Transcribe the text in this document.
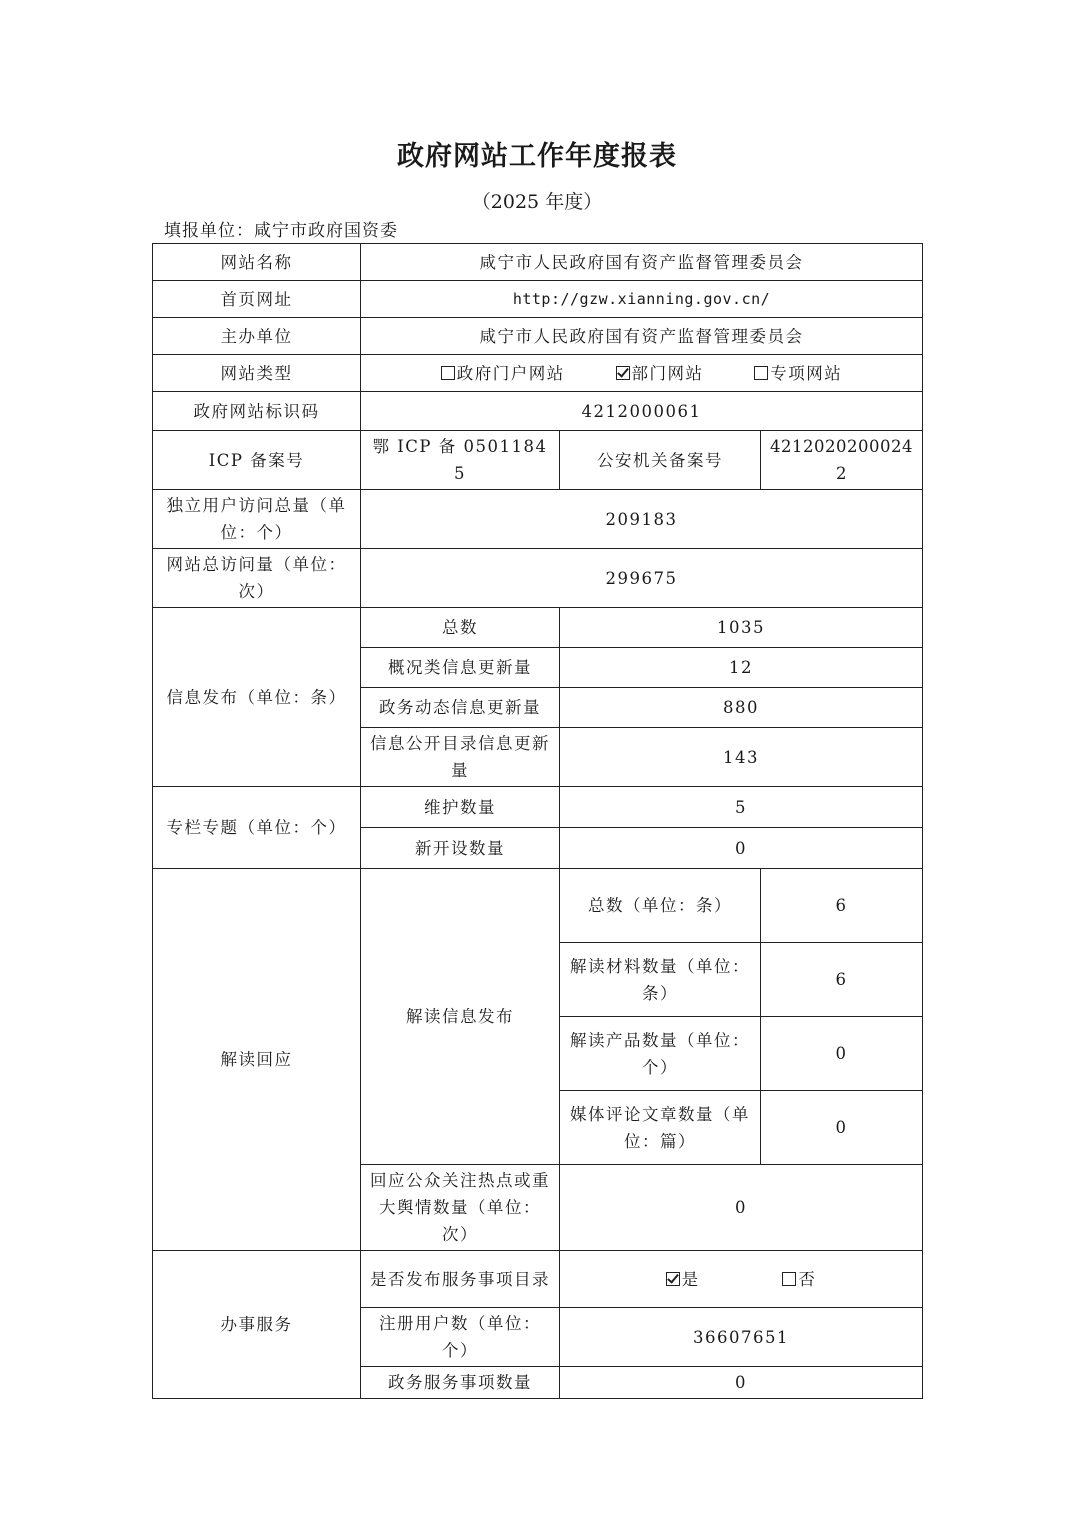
政府网站工作年度报表
（2025 年度）
填报单位：咸宁市政府国资委
网站名称	咸宁市人民政府国有资产监督管理委员会		
首页网址	http://gzw.xianning.gov.cn/		
主办单位	咸宁市人民政府国有资产监督管理委员会		
网站类型	政府门户网站 部门网站 专项网站		
政府网站标识码	4212000061		
ICP 备案号	鄂 ICP 备 05011845	公安机关备案号	42120202000242
独立用户访问总量（单位：个）	209183		
网站总访问量（单位：次）	299675		
信息发布（单位：条）	总数	1035	
	概况类信息更新量	12	
	政务动态信息更新量	880	
	信息公开目录信息更新量	143	
专栏专题（单位：个）	维护数量	5	
	新开设数量	0	
解读回应	解读信息发布	总数（单位：条）	6
		解读材料数量（单位：条）	6
		解读产品数量（单位：个）	0
		媒体评论文章数量（单位：篇）	0
	回应公众关注热点或重大舆情数量（单位：次）	0	
办事服务	是否发布服务事项目录	是 否	
	注册用户数（单位：个）	36607651	
	政务服务事项数量	0	
